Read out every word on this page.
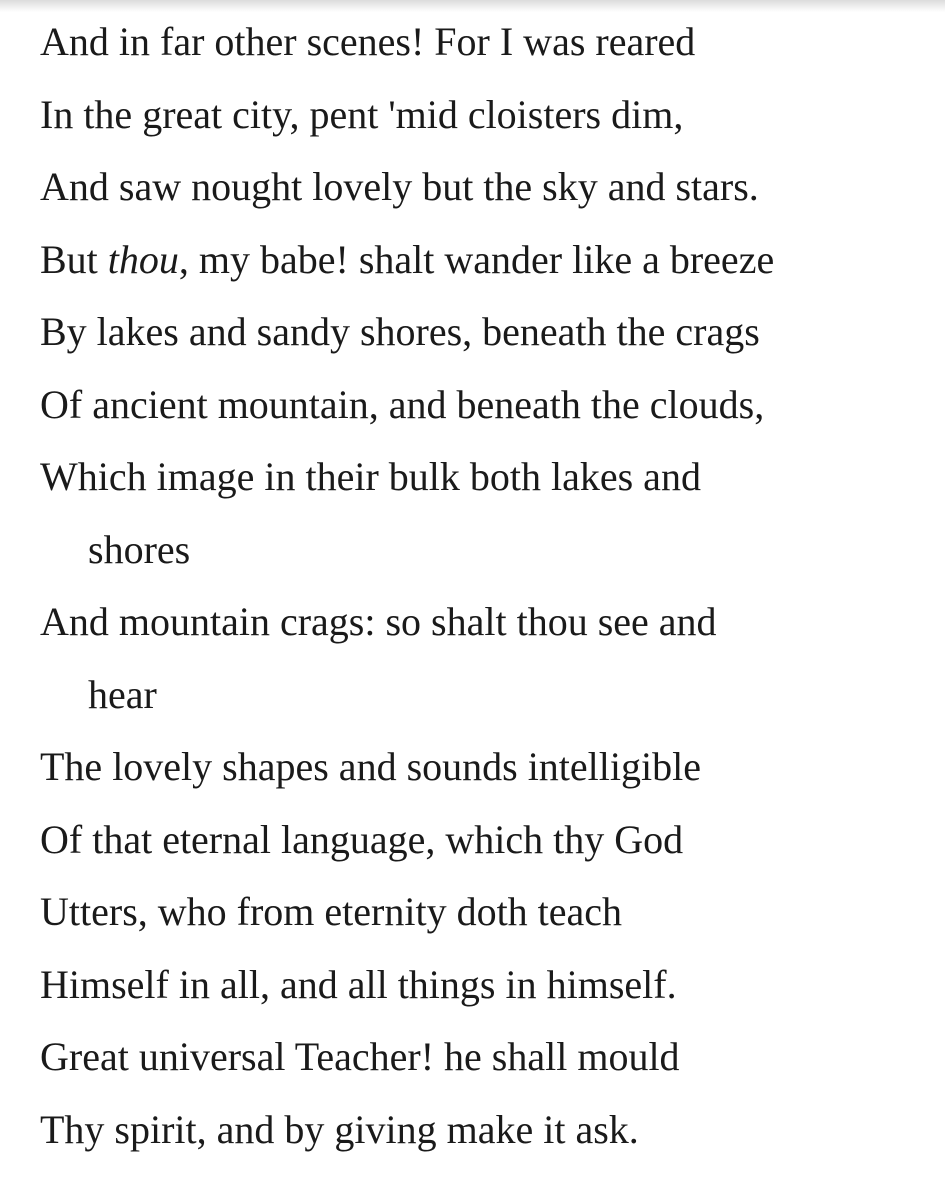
And in far other scenes! For I was reared
In the great city, pent 'mid cloisters dim,
And saw nought lovely but the sky and stars.
But thou, my babe! shalt wander like a breeze
By lakes and sandy shores, beneath the crags
Of ancient mountain, and beneath the clouds,
Which image in their bulk both lakes and
shores
And mountain crags: so shalt thou see and
hear
The lovely shapes and sounds intelligible
Of that eternal language, which thy God
Utters, who from eternity doth teach
Himself in all, and all things in himself.
Great universal Teacher! he shall mould
Thy spirit, and by giving make it ask.
